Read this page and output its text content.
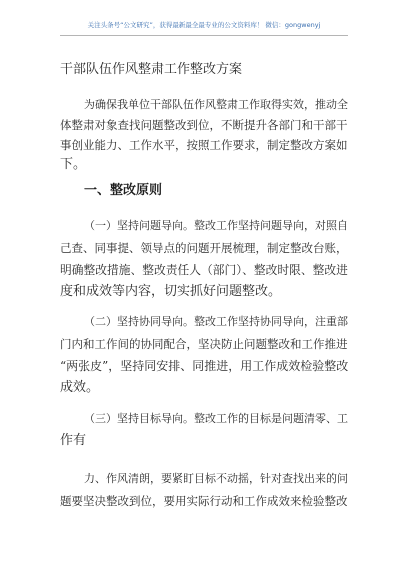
关注头条号“公文研究”，获得最新最全最专业的公文资料库！ 微信：gongwenyj
干部队伍作风整肃工作整改方案
为确保我单位干部队伍作风整肃工作取得实效，推动全
体整肃对象查找问题整改到位，不断提升各部门和干部干
事创业能力、工作水平，按照工作要求，制定整改方案如
下。
一、整改原则
（一）坚持问题导向。整改工作坚持问题导向，对照自
己查、同事提、领导点的问题开展梳理，制定整改台账，
明确整改措施、整改责任人（部门）、整改时限、整改进
度和成效等内容，切实抓好问题整改。
（二）坚持协同导向。整改工作坚持协同导向，注重部
门内和工作间的协同配合，坚决防止问题整改和工作推进
“两张皮”，坚持同安排、同推进，用工作成效检验整改
成效。
（三）坚持目标导向。整改工作的目标是问题清零、工
作有
力、作风清朗，要紧盯目标不动摇，针对查找出来的问
题要坚决整改到位，要用实际行动和工作成效来检验整改
